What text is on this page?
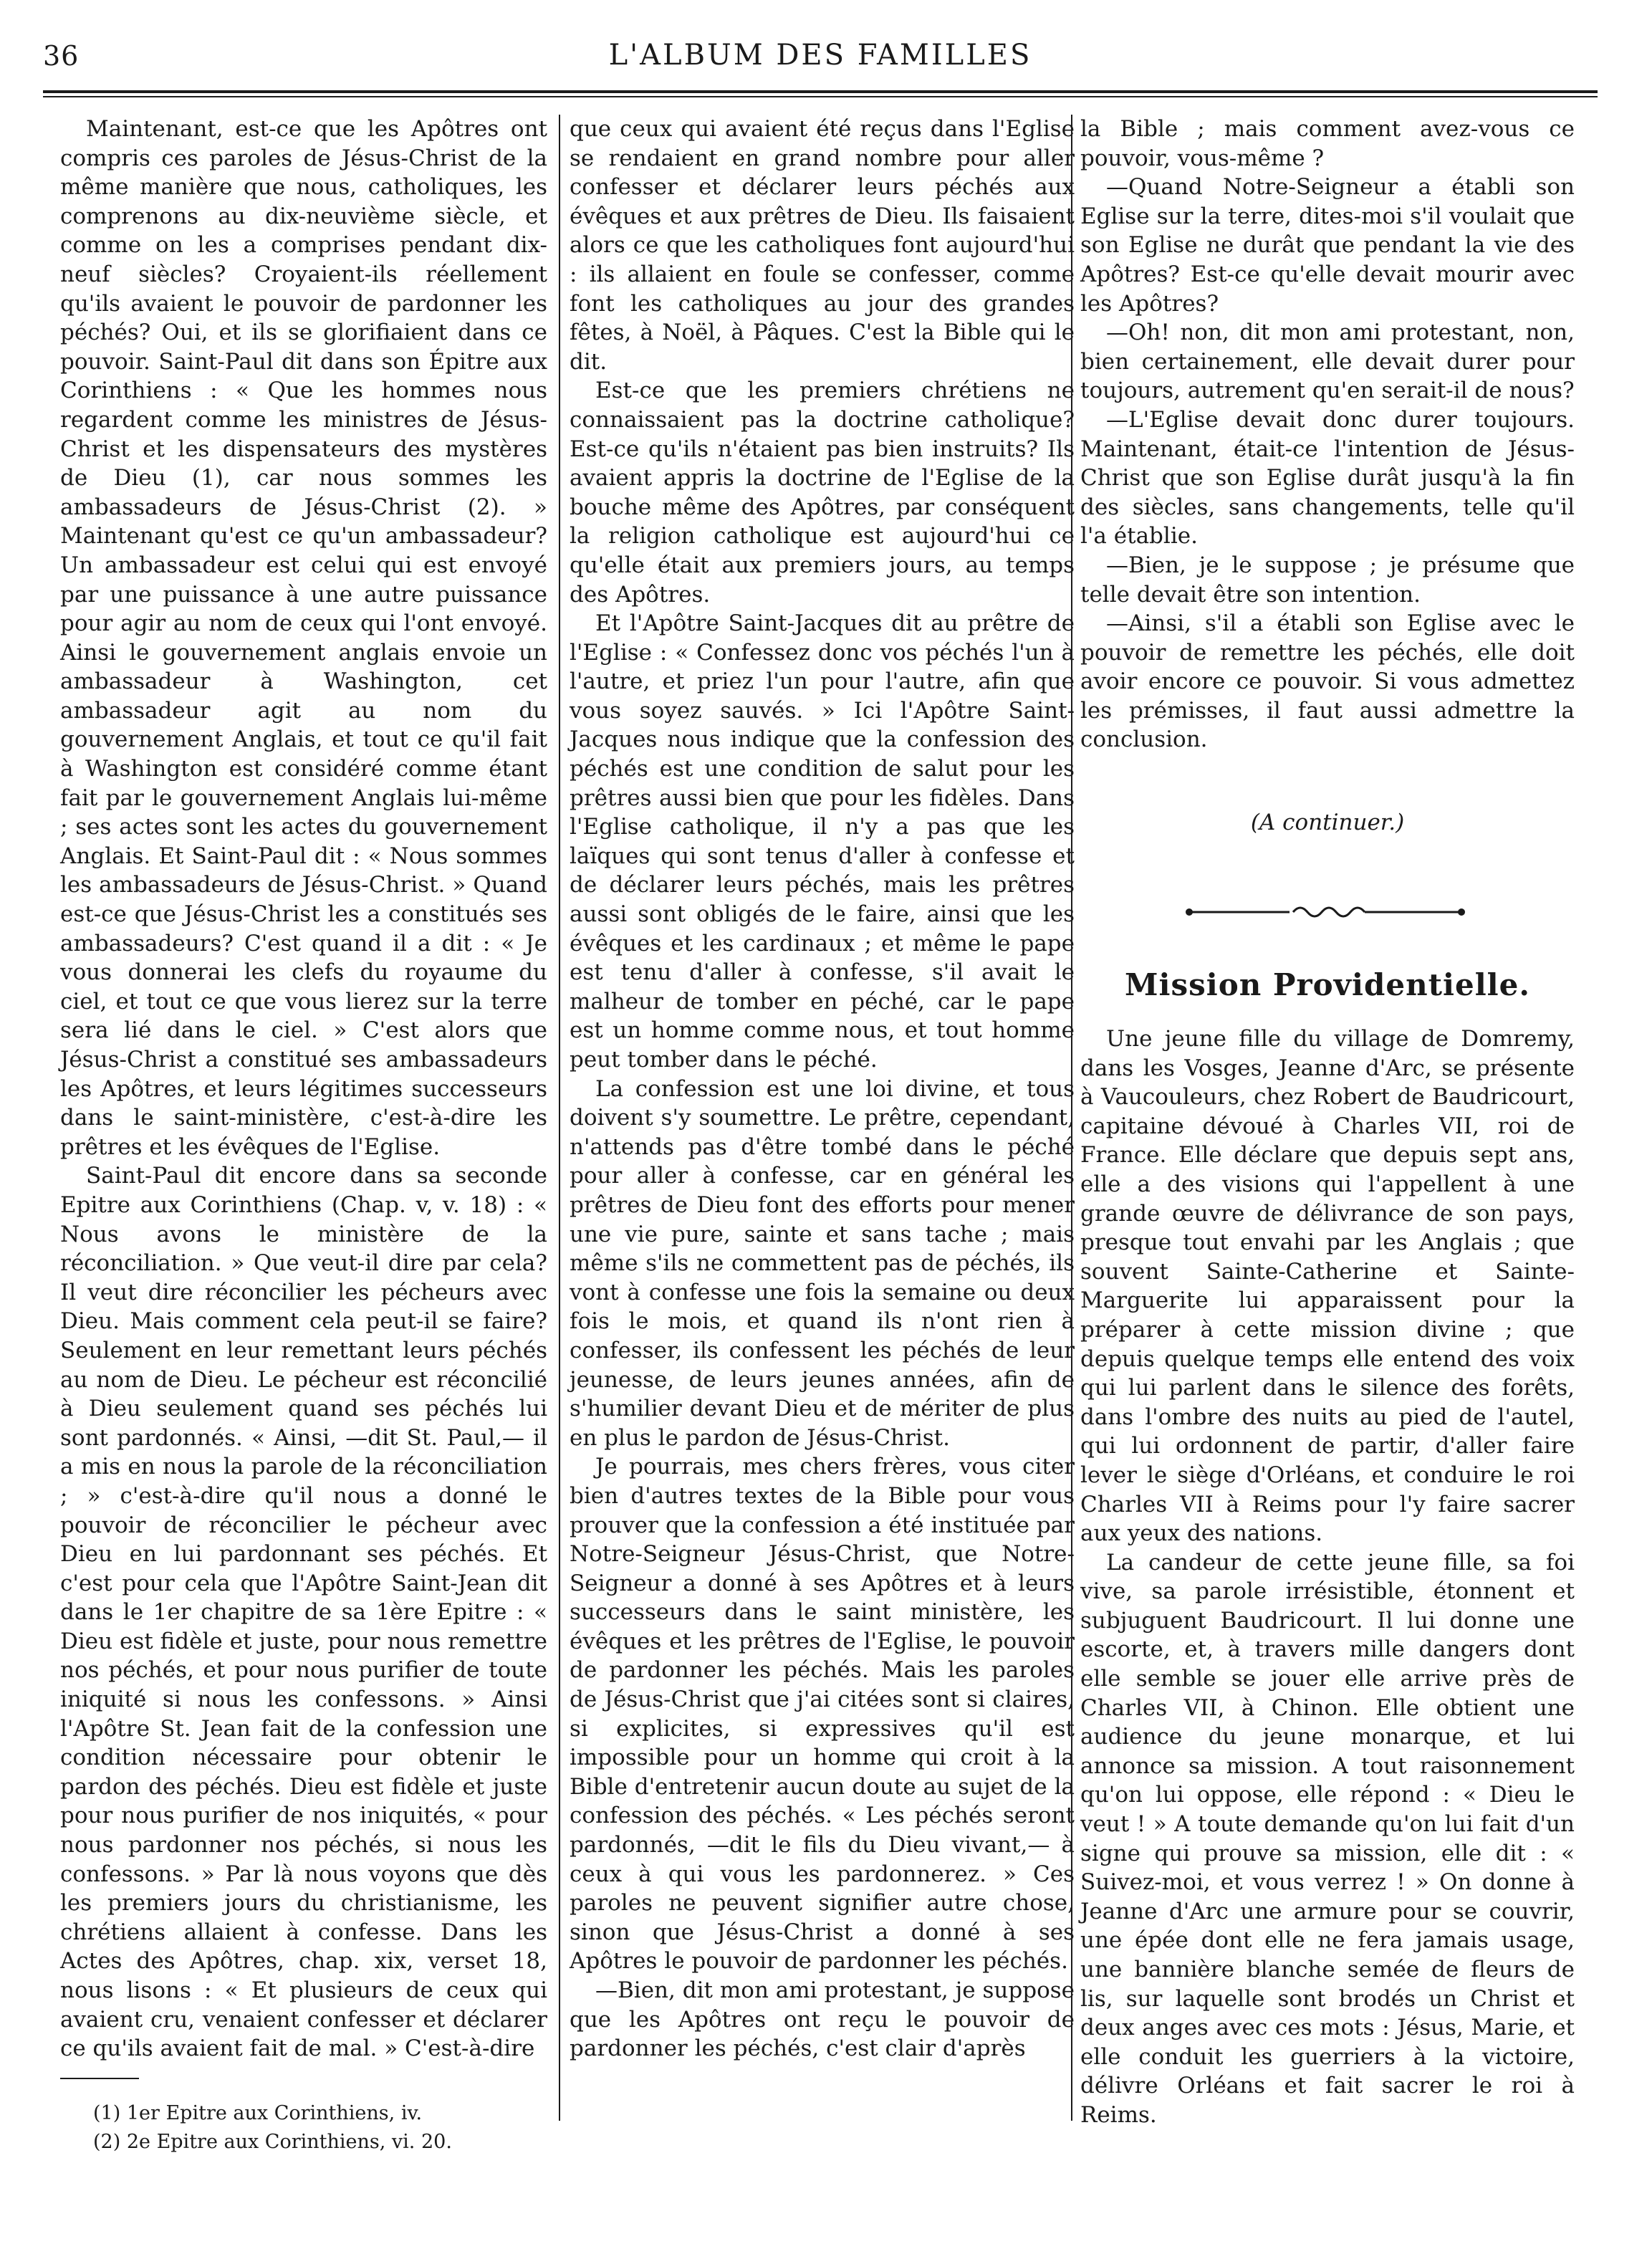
36	L'ALBUM DES FAMILLES

Maintenant, est-ce que les Apôtres ont compris ces paroles de Jésus-Christ de la même manière que nous, catholiques, les comprenons au dix-neuvième siècle, et comme on les a comprises pendant dix-neuf siècles? Croyaient-ils réellement qu'ils avaient le pouvoir de pardonner les péchés? Oui, et ils se glorifiaient dans ce pouvoir. Saint-Paul dit dans son Épitre aux Corinthiens : « Que les hommes nous regardent comme les ministres de Jésus-Christ et les dispensateurs des mystères de Dieu (1), car nous sommes les ambassadeurs de Jésus-Christ (2). » Maintenant qu'est ce qu'un ambassadeur? Un ambassadeur est celui qui est envoyé par une puissance à une autre puissance pour agir au nom de ceux qui l'ont envoyé. Ainsi le gouvernement anglais envoie un ambassadeur à Washington, cet ambassadeur agit au nom du gouvernement Anglais, et tout ce qu'il fait à Washington est considéré comme étant fait par le gouvernement Anglais lui-même ; ses actes sont les actes du gouvernement Anglais. Et Saint-Paul dit : « Nous sommes les ambassadeurs de Jésus-Christ. » Quand est-ce que Jésus-Christ les a constitués ses ambassadeurs? C'est quand il a dit : « Je vous donnerai les clefs du royaume du ciel, et tout ce que vous lierez sur la terre sera lié dans le ciel. » C'est alors que Jésus-Christ a constitué ses ambassadeurs les Apôtres, et leurs légitimes successeurs dans le saint-ministère, c'est-à-dire les prêtres et les évêques de l'Eglise.

Saint-Paul dit encore dans sa seconde Epitre aux Corinthiens (Chap. v, v. 18) : « Nous avons le ministère de la réconciliation. » Que veut-il dire par cela? Il veut dire réconcilier les pécheurs avec Dieu. Mais comment cela peut-il se faire? Seulement en leur remettant leurs péchés au nom de Dieu. Le pécheur est réconcilié à Dieu seulement quand ses péchés lui sont pardonnés. « Ainsi, —dit St. Paul,— il a mis en nous la parole de la réconciliation ; » c'est-à-dire qu'il nous a donné le pouvoir de réconcilier le pécheur avec Dieu en lui pardonnant ses péchés. Et c'est pour cela que l'Apôtre Saint-Jean dit dans le 1er chapitre de sa 1ère Epitre : « Dieu est fidèle et juste, pour nous remettre nos péchés, et pour nous purifier de toute iniquité si nous les confessons. » Ainsi l'Apôtre St. Jean fait de la confession une condition nécessaire pour obtenir le pardon des péchés. Dieu est fidèle et juste pour nous purifier de nos iniquités, « pour nous pardonner nos péchés, si nous les confessons. » Par là nous voyons que dès les premiers jours du christianisme, les chrétiens allaient à confesse. Dans les Actes des Apôtres, chap. xix, verset 18, nous lisons : « Et plusieurs de ceux qui avaient cru, venaient confesser et déclarer ce qu'ils avaient fait de mal. » C'est-à-dire

(1) 1er Epitre aux Corinthiens, iv.
(2) 2e Epitre aux Corinthiens, vi. 20.

que ceux qui avaient été reçus dans l'Eglise se rendaient en grand nombre pour aller confesser et déclarer leurs péchés aux évêques et aux prêtres de Dieu. Ils faisaient alors ce que les catholiques font aujourd'hui : ils allaient en foule se confesser, comme font les catholiques au jour des grandes fêtes, à Noël, à Pâques. C'est la Bible qui le dit.

Est-ce que les premiers chrétiens ne connaissaient pas la doctrine catholique? Est-ce qu'ils n'étaient pas bien instruits? Ils avaient appris la doctrine de l'Eglise de la bouche même des Apôtres, par conséquent la religion catholique est aujourd'hui ce qu'elle était aux premiers jours, au temps des Apôtres.

Et l'Apôtre Saint-Jacques dit au prêtre de l'Eglise : « Confessez donc vos péchés l'un à l'autre, et priez l'un pour l'autre, afin que vous soyez sauvés. » Ici l'Apôtre Saint-Jacques nous indique que la confession des péchés est une condition de salut pour les prêtres aussi bien que pour les fidèles. Dans l'Eglise catholique, il n'y a pas que les laïques qui sont tenus d'aller à confesse et de déclarer leurs péchés, mais les prêtres aussi sont obligés de le faire, ainsi que les évêques et les cardinaux ; et même le pape est tenu d'aller à confesse, s'il avait le malheur de tomber en péché, car le pape est un homme comme nous, et tout homme peut tomber dans le péché.

La confession est une loi divine, et tous doivent s'y soumettre. Le prêtre, cependant, n'attends pas d'être tombé dans le péché pour aller à confesse, car en général les prêtres de Dieu font des efforts pour mener une vie pure, sainte et sans tache ; mais même s'ils ne commettent pas de péchés, ils vont à confesse une fois la semaine ou deux fois le mois, et quand ils n'ont rien à confesser, ils confessent les péchés de leur jeunesse, de leurs jeunes années, afin de s'humilier devant Dieu et de mériter de plus en plus le pardon de Jésus-Christ.

Je pourrais, mes chers frères, vous citer bien d'autres textes de la Bible pour vous prouver que la confession a été instituée par Notre-Seigneur Jésus-Christ, que Notre-Seigneur a donné à ses Apôtres et à leurs successeurs dans le saint ministère, les évêques et les prêtres de l'Eglise, le pouvoir de pardonner les péchés. Mais les paroles de Jésus-Christ que j'ai citées sont si claires, si explicites, si expressives qu'il est impossible pour un homme qui croit à la Bible d'entretenir aucun doute au sujet de la confession des péchés. « Les péchés seront pardonnés, —dit le fils du Dieu vivant,— à ceux à qui vous les pardonnerez. » Ces paroles ne peuvent signifier autre chose, sinon que Jésus-Christ a donné à ses Apôtres le pouvoir de pardonner les péchés.

—Bien, dit mon ami protestant, je suppose que les Apôtres ont reçu le pouvoir de pardonner les péchés, c'est clair d'après

la Bible ; mais comment avez-vous ce pouvoir, vous-même ?

—Quand Notre-Seigneur a établi son Eglise sur la terre, dites-moi s'il voulait que son Eglise ne durât que pendant la vie des Apôtres? Est-ce qu'elle devait mourir avec les Apôtres?

—Oh! non, dit mon ami protestant, non, bien certainement, elle devait durer pour toujours, autrement qu'en serait-il de nous?

—L'Eglise devait donc durer toujours. Maintenant, était-ce l'intention de Jésus-Christ que son Eglise durât jusqu'à la fin des siècles, sans changements, telle qu'il l'a établie.

—Bien, je le suppose ; je présume que telle devait être son intention.

—Ainsi, s'il a établi son Eglise avec le pouvoir de remettre les péchés, elle doit avoir encore ce pouvoir. Si vous admettez les prémisses, il faut aussi admettre la conclusion.

(A continuer.)
Mission Providentielle.

Une jeune fille du village de Domremy, dans les Vosges, Jeanne d'Arc, se présente à Vaucouleurs, chez Robert de Baudricourt, capitaine dévoué à Charles VII, roi de France. Elle déclare que depuis sept ans, elle a des visions qui l'appellent à une grande œuvre de délivrance de son pays, presque tout envahi par les Anglais ; que souvent Sainte-Catherine et Sainte-Marguerite lui apparaissent pour la préparer à cette mission divine ; que depuis quelque temps elle entend des voix qui lui parlent dans le silence des forêts, dans l'ombre des nuits au pied de l'autel, qui lui ordonnent de partir, d'aller faire lever le siège d'Orléans, et conduire le roi Charles VII à Reims pour l'y faire sacrer aux yeux des nations.

La candeur de cette jeune fille, sa foi vive, sa parole irrésistible, étonnent et subjuguent Baudricourt. Il lui donne une escorte, et, à travers mille dangers dont elle semble se jouer elle arrive près de Charles VII, à Chinon. Elle obtient une audience du jeune monarque, et lui annonce sa mission. A tout raisonnement qu'on lui oppose, elle répond : « Dieu le veut ! » A toute demande qu'on lui fait d'un signe qui prouve sa mission, elle dit : « Suivez-moi, et vous verrez ! » On donne à Jeanne d'Arc une armure pour se couvrir, une épée dont elle ne fera jamais usage, une bannière blanche semée de fleurs de lis, sur laquelle sont brodés un Christ et deux anges avec ces mots : Jésus, Marie, et elle conduit les guerriers à la victoire, délivre Orléans et fait sacrer le roi à Reims.
